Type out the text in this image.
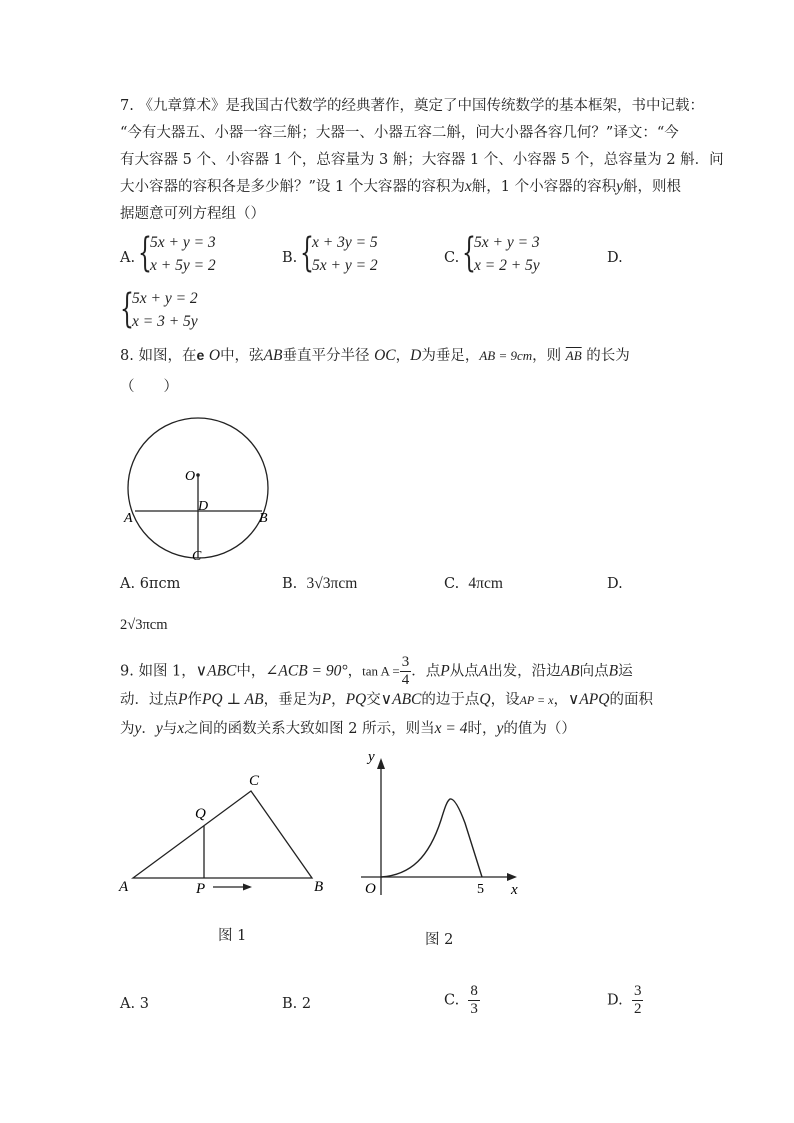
7. 《九章算术》是我国古代数学的经典著作，奠定了中国传统数学的基本框架，书中记载：
“今有大器五、小器一容三斛；大器一、小器五容二斛，问大小器各容几何？”译文：“今
有大容器 5 个、小容器 1 个，总容量为 3 斛；大容器 1 个、小容器 5 个，总容量为 2 斛．问
大小容器的容积各是多少斛？”设 1 个大容器的容积为x斛，1 个小容器的容积y斛，则根
据题意可列方程组（）
A. {
5x + y = 3
x + 5y = 2	B. {
x + 3y = 5
5x + y = 2	C. {
5x + y = 3
x = 2 + 5y	D.
{
5x + y = 2
x = 3 + 5y
8. 如图，在e O中，弦AB垂直平分半径 OC，D为垂足，AB = 9cm，则 $\overline{AB}$ 的长为
（　　）
O
D
A	B
C
A. 6πcm	B. 3√3πcm	C. 4πcm	D.
2√3πcm
9. 如图 1，∨ABC中，∠ACB = 90°，$\tan A = \frac{3}{4}$ ．点P从点A出发，沿边AB向点B运
动．过点P作PQ ⊥ AB，垂足为P，PQ交∨ABC的边于点Q，设AP = x，∨APQ的面积
为y．y与x之间的函数关系大致如图 2 所示，则当x = 4时，y的值为（）
A	B
C
P
Q
图 1
y
x
O	5
图 2
A. 3	B. 2	C. $\frac{8}{3}$	D. $\frac{3}{2}$
